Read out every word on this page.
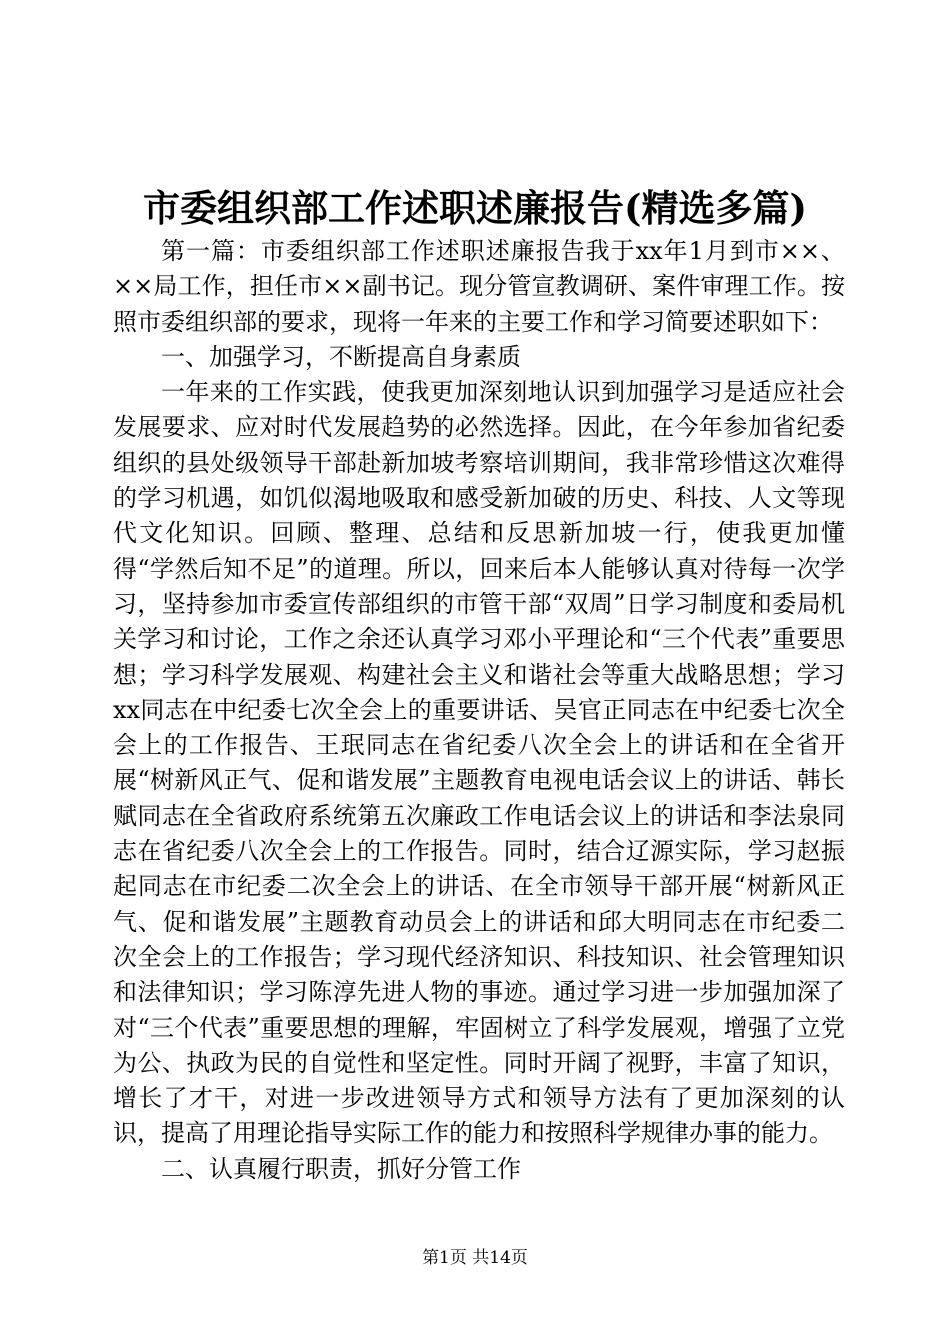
市委组织部工作述职述廉报告(精选多篇)

第一篇：市委组织部工作述职述廉报告我于xx年1月到市××、××局工作，担任市××副书记。现分管宣教调研、案件审理工作。按照市委组织部的要求，现将一年来的主要工作和学习简要述职如下：

一、加强学习，不断提高自身素质

一年来的工作实践，使我更加深刻地认识到加强学习是适应社会发展要求、应对时代发展趋势的必然选择。因此，在今年参加省纪委组织的县处级领导干部赴新加坡考察培训期间，我非常珍惜这次难得的学习机遇，如饥似渴地吸取和感受新加破的历史、科技、人文等现代文化知识。回顾、整理、总结和反思新加坡一行，使我更加懂得“学然后知不足”的道理。所以，回来后本人能够认真对待每一次学习，坚持参加市委宣传部组织的市管干部“双周”日学习制度和委局机关学习和讨论，工作之余还认真学习邓小平理论和“三个代表”重要思想；学习科学发展观、构建社会主义和谐社会等重大战略思想；学习xx同志在中纪委七次全会上的重要讲话、吴官正同志在中纪委七次全会上的工作报告、王珉同志在省纪委八次全会上的讲话和在全省开展“树新风正气、促和谐发展”主题教育电视电话会议上的讲话、韩长赋同志在全省政府系统第五次廉政工作电话会议上的讲话和李法泉同志在省纪委八次全会上的工作报告。同时，结合辽源实际，学习赵振起同志在市纪委二次全会上的讲话、在全市领导干部开展“树新风正气、促和谐发展”主题教育动员会上的讲话和邱大明同志在市纪委二次全会上的工作报告；学习现代经济知识、科技知识、社会管理知识和法律知识；学习陈淳先进人物的事迹。通过学习进一步加强加深了对“三个代表”重要思想的理解，牢固树立了科学发展观，增强了立党为公、执政为民的自觉性和坚定性。同时开阔了视野，丰富了知识，增长了才干，对进一步改进领导方式和领导方法有了更加深刻的认识，提高了用理论指导实际工作的能力和按照科学规律办事的能力。

二、认真履行职责，抓好分管工作

第1页 共14页
